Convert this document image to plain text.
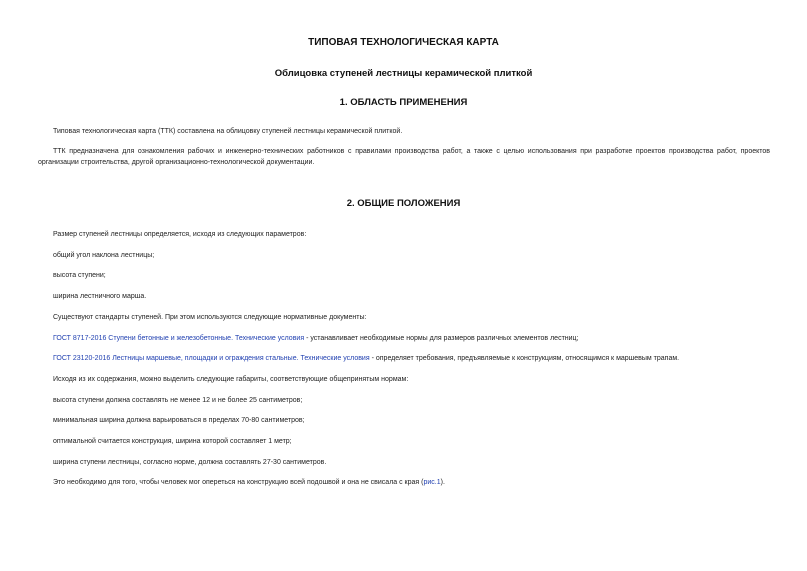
ТИПОВАЯ ТЕХНОЛОГИЧЕСКАЯ КАРТА
Облицовка ступеней лестницы керамической плиткой
1. ОБЛАСТЬ ПРИМЕНЕНИЯ
Типовая технологическая карта (ТТК) составлена на облицовку ступеней лестницы керамической плиткой.
ТТК предназначена для ознакомления рабочих и инженерно-технических работников с правилами производства работ, а также с целью использования при разработке проектов производства работ, проектов организации строительства, другой организационно-технологической документации.
2. ОБЩИЕ ПОЛОЖЕНИЯ
Размер ступеней лестницы определяется, исходя из следующих параметров:
общий угол наклона лестницы;
высота ступени;
ширина лестничного марша.
Существуют стандарты ступеней. При этом используются следующие нормативные документы:
ГОСТ 8717-2016 Ступени бетонные и железобетонные. Технические условия - устанавливает необходимые нормы для размеров различных элементов лестниц;
ГОСТ 23120-2016 Лестницы маршевые, площадки и ограждения стальные. Технические условия - определяет требования, предъявляемые к конструкциям, относящимся к маршевым трапам.
Исходя из их содержания, можно выделить следующие габариты, соответствующие общепринятым нормам:
высота ступени должна составлять не менее 12 и не более 25 сантиметров;
минимальная ширина должна варьироваться в пределах 70-80 сантиметров;
оптимальной считается конструкция, ширина которой составляет 1 метр;
ширина ступени лестницы, согласно норме, должна составлять 27-30 сантиметров.
Это необходимо для того, чтобы человек мог опереться на конструкцию всей подошвой и она не свисала с края (рис.1).
